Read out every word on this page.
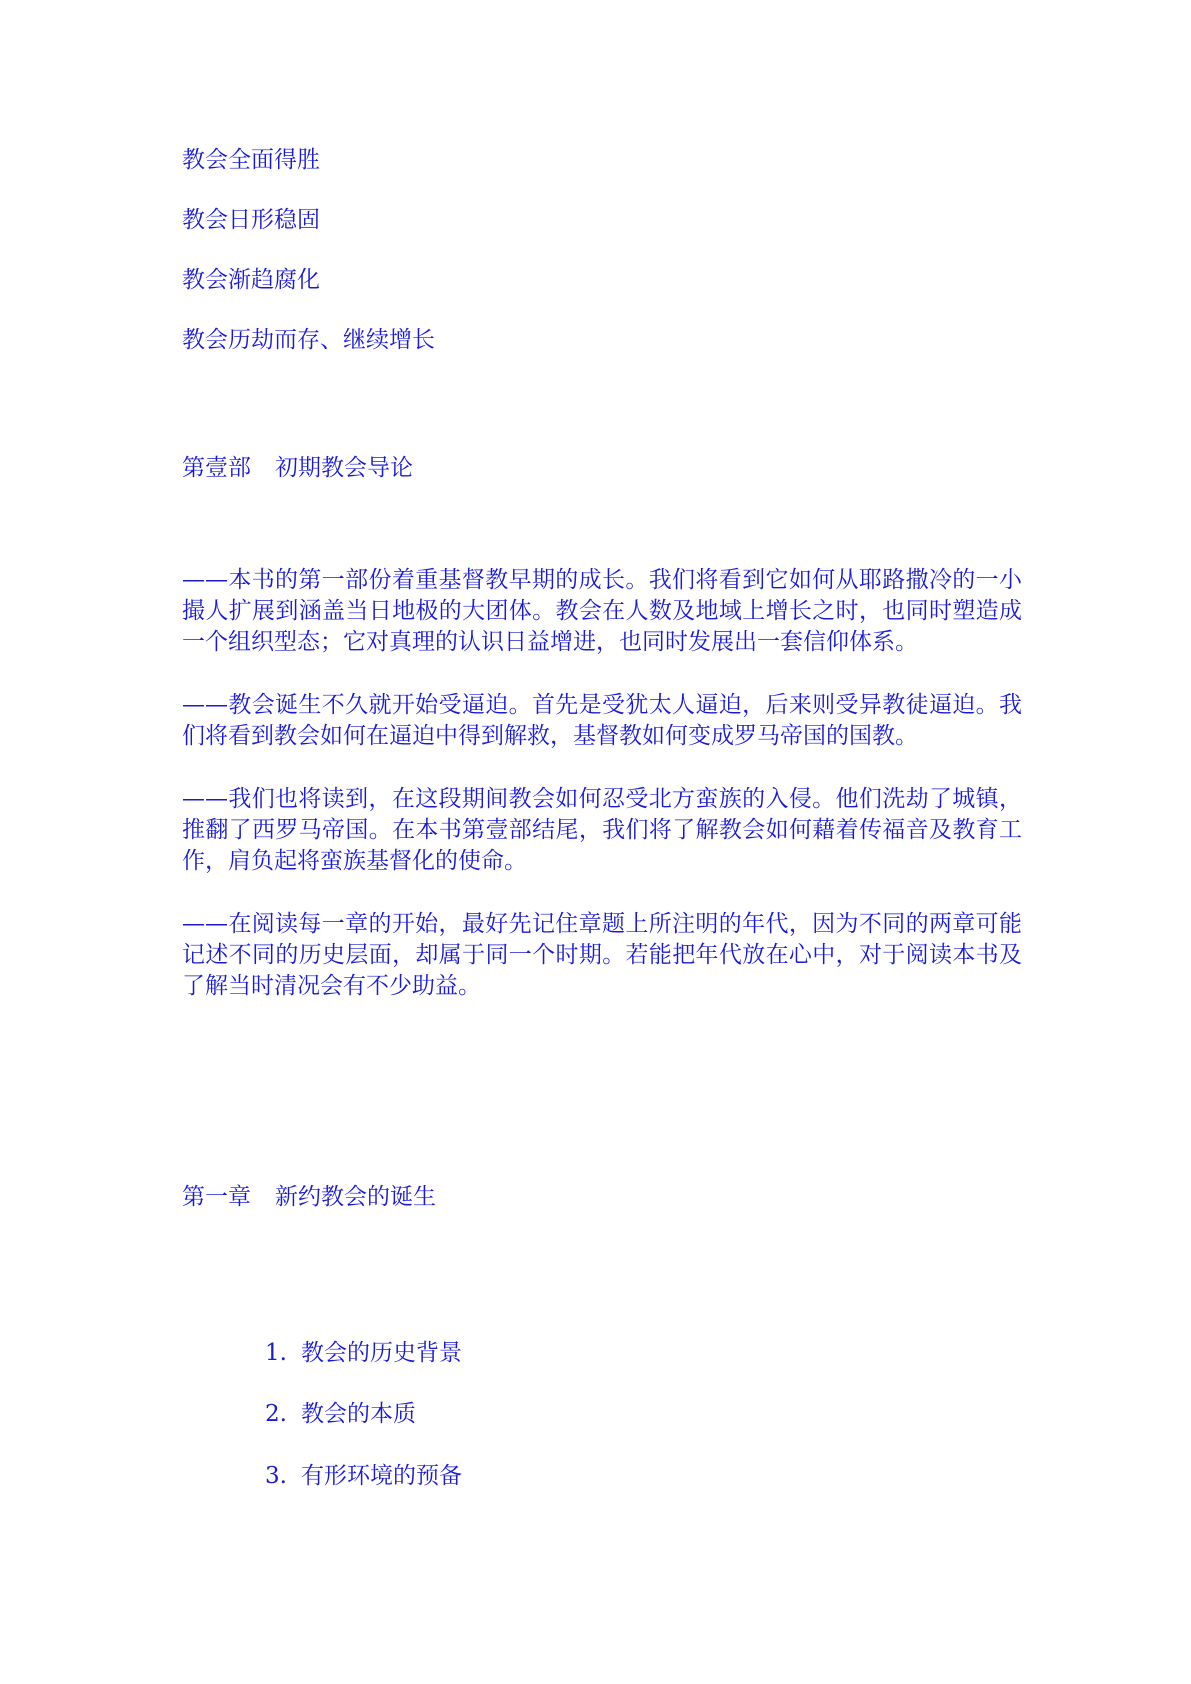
教会全面得胜

教会日形稳固

教会渐趋腐化

教会历劫而存、继续增长

第壹部 初期教会导论

——本书的第一部份着重基督教早期的成长。我们将看到它如何从耶路撒冷的一小撮人扩展到涵盖当日地极的大团体。教会在人数及地域上增长之时，也同时塑造成一个组织型态；它对真理的认识日益增进，也同时发展出一套信仰体系。

——教会诞生不久就开始受逼迫。首先是受犹太人逼迫，后来则受异教徒逼迫。我们将看到教会如何在逼迫中得到解救，基督教如何变成罗马帝国的国教。

——我们也将读到，在这段期间教会如何忍受北方蛮族的入侵。他们洗劫了城镇，推翻了西罗马帝国。在本书第壹部结尾，我们将了解教会如何藉着传福音及教育工作，肩负起将蛮族基督化的使命。

——在阅读每一章的开始，最好先记住章题上所注明的年代，因为不同的两章可能记述不同的历史层面，却属于同一个时期。若能把年代放在心中，对于阅读本书及了解当时清况会有不少助益。

第一章 新约教会的诞生

1. 教会的历史背景

2. 教会的本质

3. 有形环境的预备
